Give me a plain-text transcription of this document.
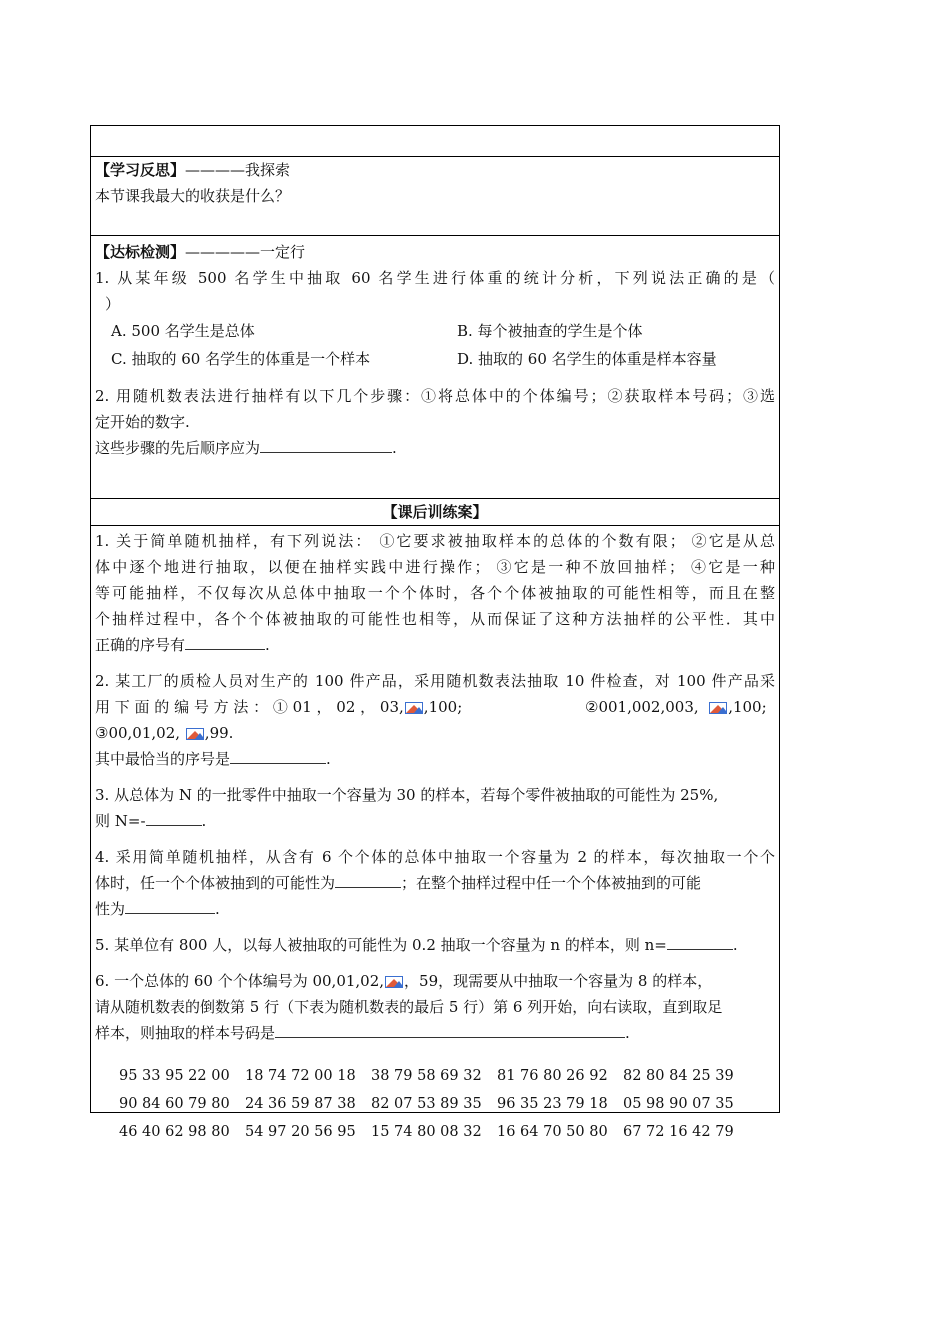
【学习反思】————我探索
本节课我最大的收获是什么？
【达标检测】—————一定行
1. 从某年级 500 名学生中抽取 60 名学生进行体重的统计分析，下列说法正确的是（
）
A. 500 名学生是总体	B. 每个被抽查的学生是个体
C. 抽取的 60 名学生的体重是一个样本	D. 抽取的 60 名学生的体重是样本容量
2. 用随机数表法进行抽样有以下几个步骤：①将总体中的个体编号；②获取样本号码；③选
定开始的数字.
这些步骤的先后顺序应为	.
【课后训练案】
1. 关于简单随机抽样，有下列说法： ①它要求被抽取样本的总体的个数有限； ②它是从总
体中逐个地进行抽取，以便在抽样实践中进行操作； ③它是一种不放回抽样； ④它是一种
等可能抽样，不仅每次从总体中抽取一个个体时，各个个体被抽取的可能性相等，而且在整
个抽样过程中，各个个体被抽取的可能性也相等，从而保证了这种方法抽样的公平性．其中
正确的序号有	.
2. 某工厂的质检人员对生产的 100 件产品，采用随机数表法抽取 10 件检查，对 100 件产品采
用 下 面 的 编 号 方 法 ： ① 01 ， 02 ， 03, ,100;	②001,002,003, ,100;
③00,01,02, ,99.
其中最恰当的序号是	.
3. 从总体为 N 的一批零件中抽取一个容量为 30 的样本，若每个零件被抽取的可能性为 25%,
则 N=-	.
4. 采用简单随机抽样，从含有 6 个个体的总体中抽取一个容量为 2 的样本，每次抽取一个个
体时，任一个个体被抽到的可能性为	；在整个抽样过程中任一个个体被抽到的可能
性为	.
5. 某单位有 800 人，以每人被抽取的可能性为 0.2 抽取一个容量为 n 的样本，则 n=	.
6. 一个总体的 60 个个体编号为 00,01,02, ，59，现需要从中抽取一个容量为 8 的样本，
请从随机数表的倒数第 5 行（下表为随机数表的最后 5 行）第 6 列开始，向右读取，直到取足
样本，则抽取的样本号码是	.
95 33 95 22 00 18 74 72 00 18 38 79 58 69 32 81 76 80 26 92 82 80 84 25 39
90 84 60 79 80 24 36 59 87 38 82 07 53 89 35 96 35 23 79 18 05 98 90 07 35
46 40 62 98 80 54 97 20 56 95 15 74 80 08 32 16 64 70 50 80 67 72 16 42 79
